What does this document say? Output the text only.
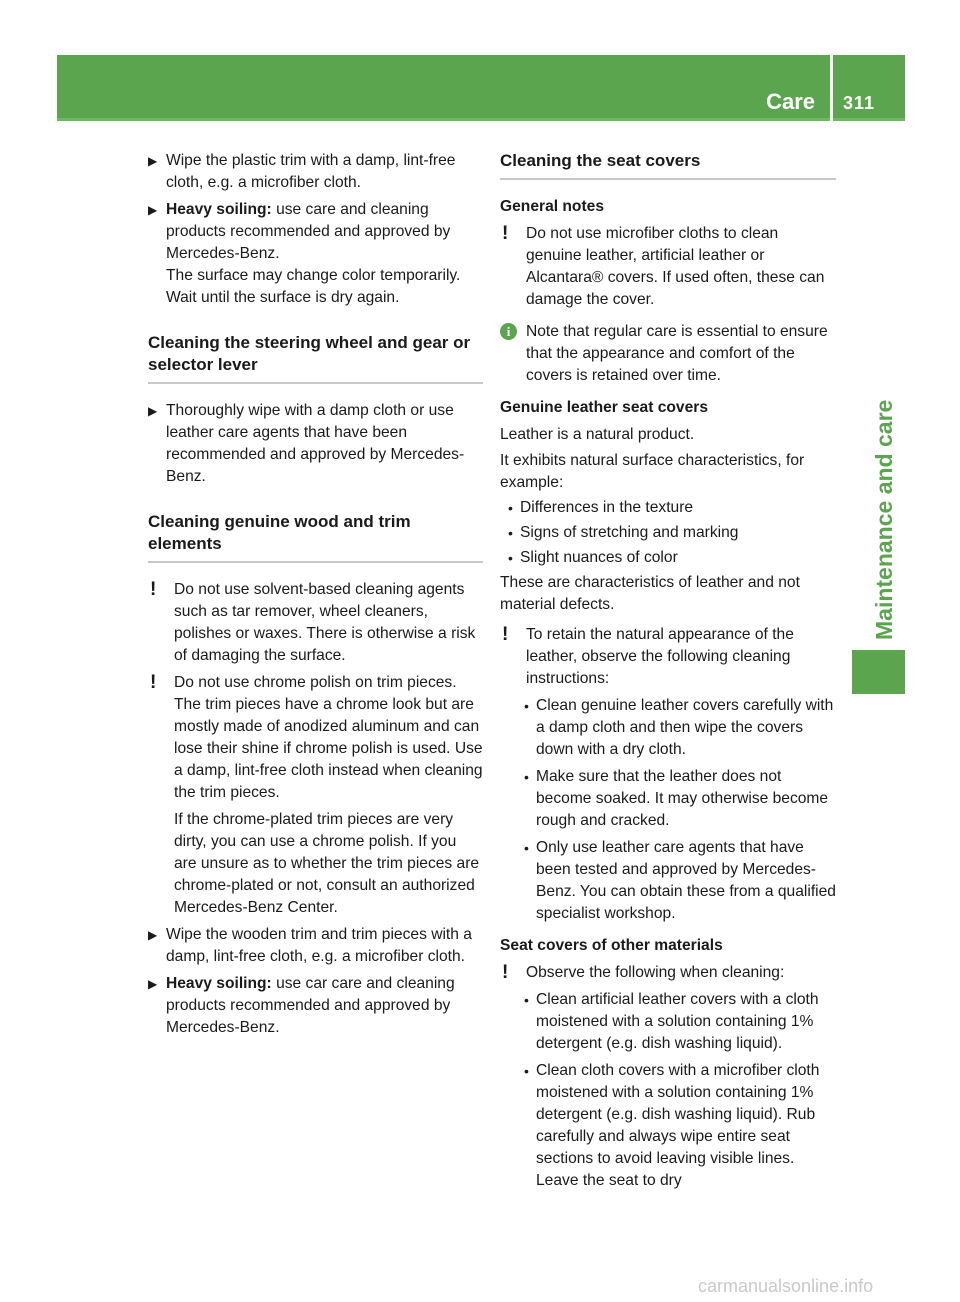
Care 311
Maintenance and care
▶ Wipe the plastic trim with a damp, lint-free cloth, e.g. a microfiber cloth.
▶ Heavy soiling: use care and cleaning products recommended and approved by Mercedes-Benz.
The surface may change color temporarily. Wait until the surface is dry again.
Cleaning the steering wheel and gear or selector lever
▶ Thoroughly wipe with a damp cloth or use leather care agents that have been recommended and approved by Mercedes-Benz.
Cleaning genuine wood and trim elements
! Do not use solvent-based cleaning agents such as tar remover, wheel cleaners, polishes or waxes. There is otherwise a risk of damaging the surface.
! Do not use chrome polish on trim pieces. The trim pieces have a chrome look but are mostly made of anodized aluminum and can lose their shine if chrome polish is used. Use a damp, lint-free cloth instead when cleaning the trim pieces.
If the chrome-plated trim pieces are very dirty, you can use a chrome polish. If you are unsure as to whether the trim pieces are chrome-plated or not, consult an authorized Mercedes-Benz Center.
▶ Wipe the wooden trim and trim pieces with a damp, lint-free cloth, e.g. a microfiber cloth.
▶ Heavy soiling: use car care and cleaning products recommended and approved by Mercedes-Benz.
Cleaning the seat covers
General notes
! Do not use microfiber cloths to clean genuine leather, artificial leather or Alcantara® covers. If used often, these can damage the cover.
i	Note that regular care is essential to ensure that the appearance and comfort of the covers is retained over time.
Genuine leather seat covers

Leather is a natural product.

It exhibits natural surface characteristics, for example:

• Differences in the texture
• Signs of stretching and marking
• Slight nuances of color

These are characteristics of leather and not material defects.

! To retain the natural appearance of the leather, observe the following cleaning instructions:
• Clean genuine leather covers carefully with a damp cloth and then wipe the covers down with a dry cloth.
• Make sure that the leather does not become soaked. It may otherwise become rough and cracked.
• Only use leather care agents that have been tested and approved by Mercedes-Benz. You can obtain these from a qualified specialist workshop.
Seat covers of other materials
! Observe the following when cleaning:
• Clean artificial leather covers with a cloth moistened with a solution containing 1% detergent (e.g. dish washing liquid).
• Clean cloth covers with a microfiber cloth moistened with a solution containing 1% detergent (e.g. dish washing liquid). Rub carefully and always wipe entire seat sections to avoid leaving visible lines. Leave the seat to dry
carmanualsonline.info
